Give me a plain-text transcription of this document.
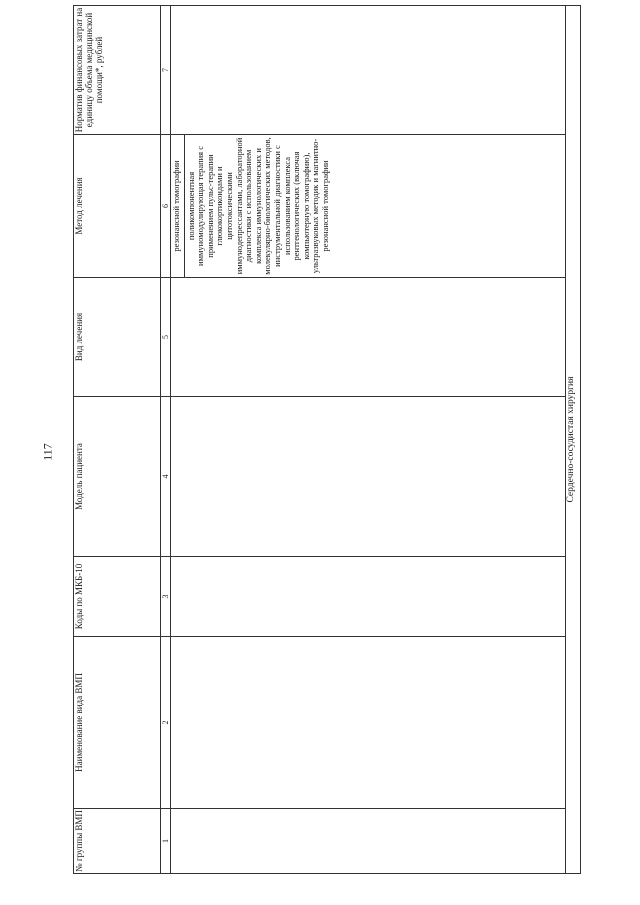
117
№ группы ВМП	Наименование вида ВМП	Коды по МКБ-10	Модель пациента	Вид лечения	Метод лечения	Норматив финансовых затрат на единицу объема медицинской помощи*, рублей
1	2	3	4	5	6	7

					резонансной томографии поликомпонентная иммуномодулирующая терапия с применением пульс-терапии глюкокортикоидами и цитотоксическими иммунодепрессантами, лабораторной диагностики с использованием комплекса иммунологических и молекулярно-биологических методов, инструментальной диагностики с использованием комплекса рентгенологических (включая компьютерную томографию), ультразвуковых методик и магнитно-резонансной томографии	

Сердечно-сосудистая хирургия						
